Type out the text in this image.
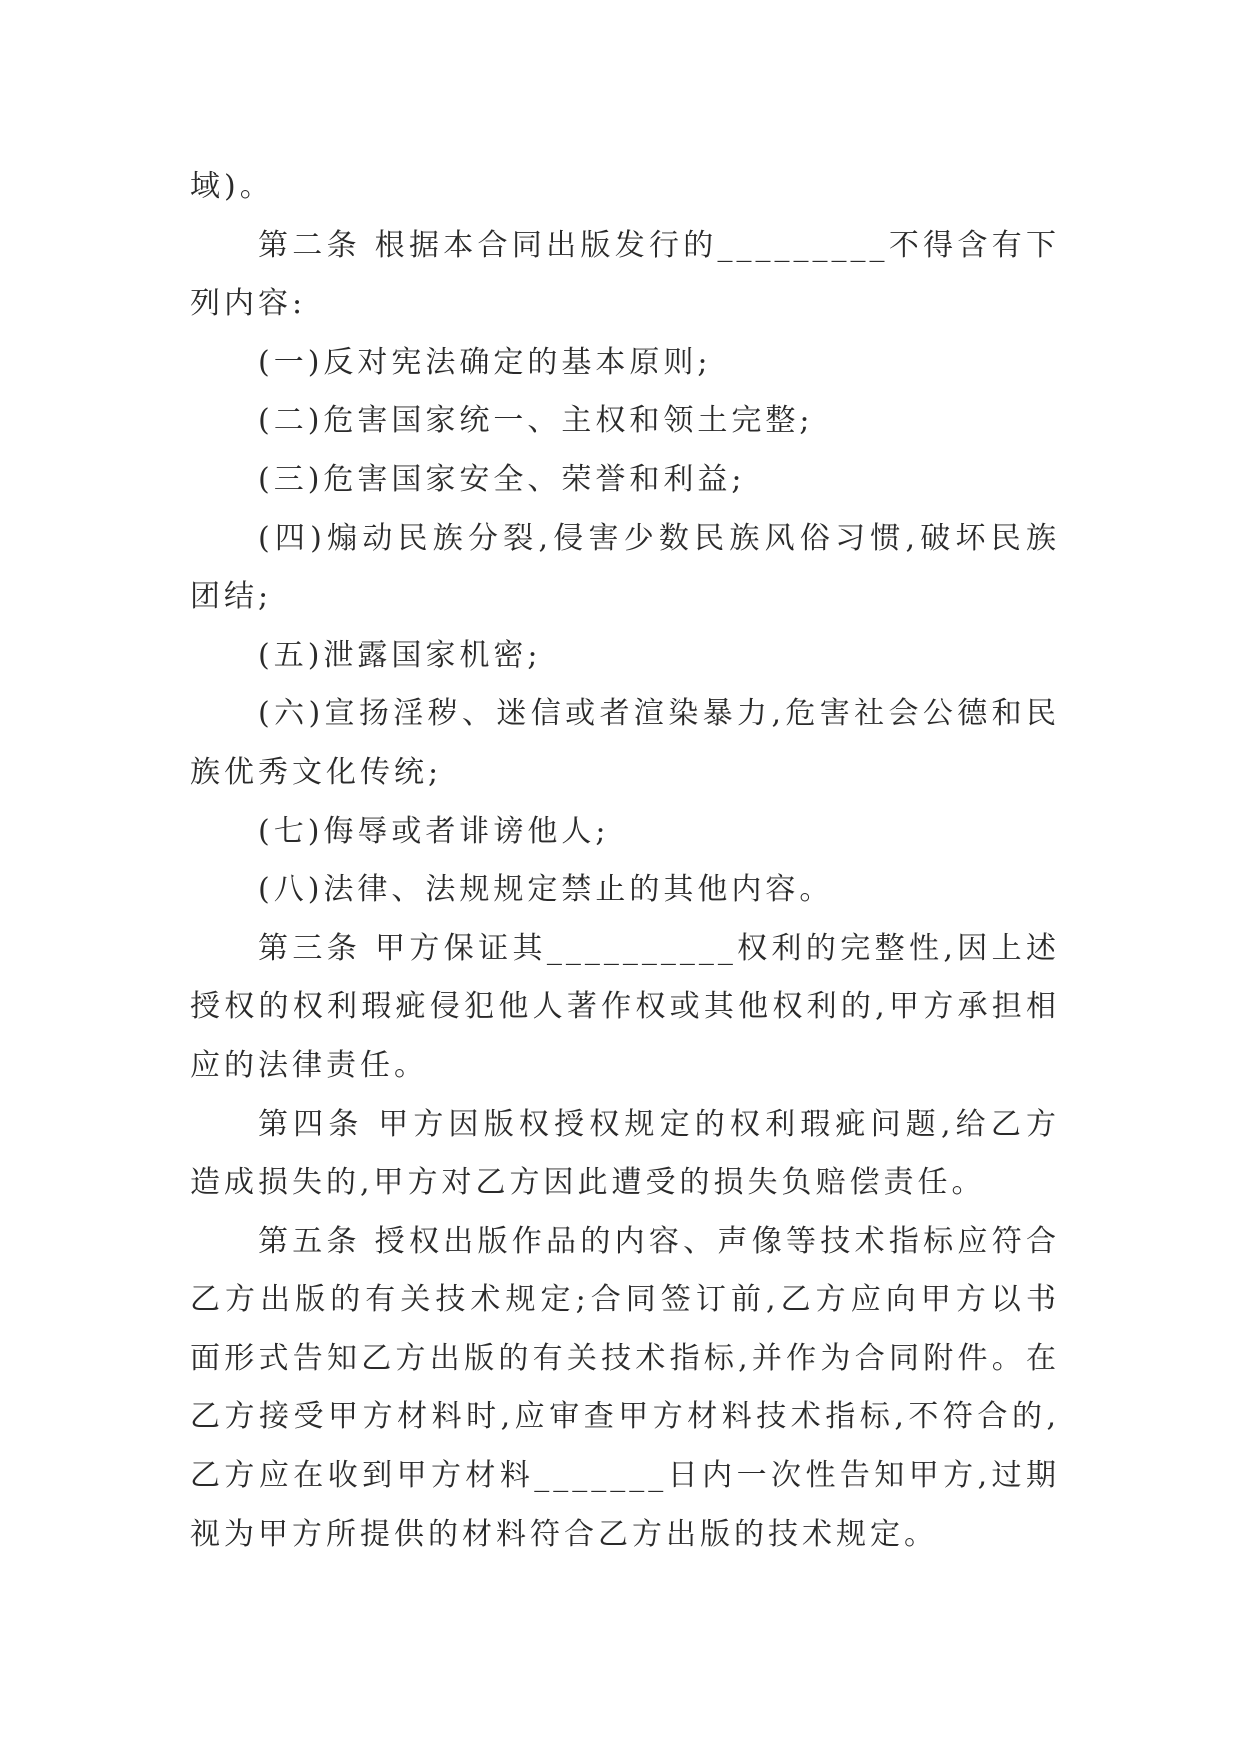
域)。

第二条 根据本合同出版发行的_________不得含有下列内容:

(一)反对宪法确定的基本原则;

(二)危害国家统一、主权和领土完整;

(三)危害国家安全、荣誉和利益;

(四)煽动民族分裂,侵害少数民族风俗习惯,破坏民族团结;

(五)泄露国家机密;

(六)宣扬淫秽、迷信或者渲染暴力,危害社会公德和民族优秀文化传统;

(七)侮辱或者诽谤他人;

(八)法律、法规规定禁止的其他内容。

第三条 甲方保证其__________权利的完整性,因上述授权的权利瑕疵侵犯他人著作权或其他权利的,甲方承担相应的法律责任。

第四条 甲方因版权授权规定的权利瑕疵问题,给乙方造成损失的,甲方对乙方因此遭受的损失负赔偿责任。

第五条 授权出版作品的内容、声像等技术指标应符合乙方出版的有关技术规定;合同签订前,乙方应向甲方以书面形式告知乙方出版的有关技术指标,并作为合同附件。在乙方接受甲方材料时,应审查甲方材料技术指标,不符合的,乙方应在收到甲方材料_______日内一次性告知甲方,过期视为甲方所提供的材料符合乙方出版的技术规定。
